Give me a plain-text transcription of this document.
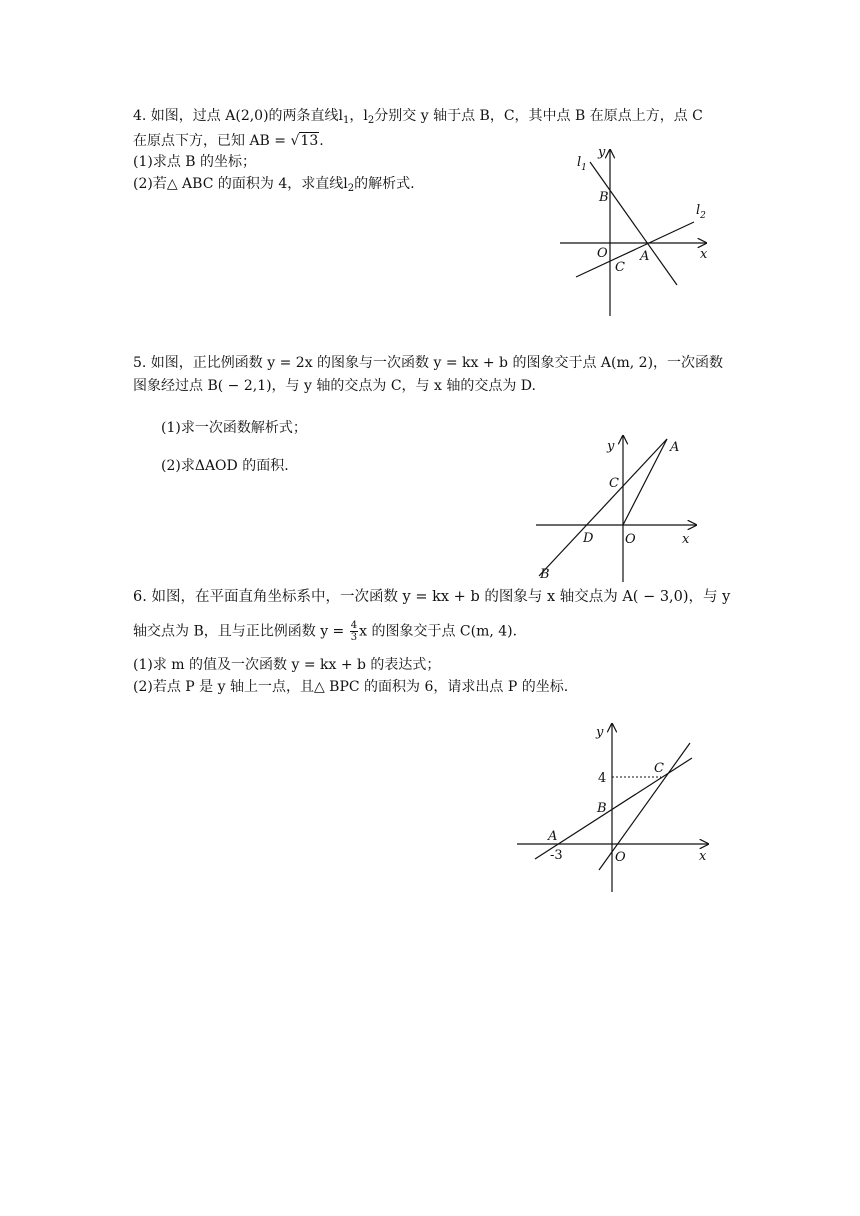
4. 如图，过点 A(2,0)的两条直线$l_1$，$l_2$分别交 y 轴于点 B，C，其中点 B 在原点上方，点 C
在原点下方，已知 AB = √13.
(1)求点 B 的坐标；
(2)若△ ABC 的面积为 4，求直线$l_2$的解析式.
y
x
$l_1$
$l_2$
B
O
C
A
5. 如图，正比例函数 y = 2x 的图象与一次函数 y = kx + b 的图象交于点 A(m, 2)，一次函数
图象经过点 B( − 2,1)，与 y 轴的交点为 C，与 x 轴的交点为 D.
(1)求一次函数解析式；
(2)求ΔAOD 的面积.
y
x
A
C
D O
B
6. 如图，在平面直角坐标系中，一次函数 y = kx + b 的图象与 x 轴交点为 A( − 3,0)，与 y
轴交点为 B，且与正比例函数 $y = \frac{4}{3}$ x 的图象交于点 C(m, 4).
(1)求 m 的值及一次函数 y = kx + b 的表达式；
(2)若点 P 是 y 轴上一点，且△ BPC 的面积为 6，请求出点 P 的坐标.
y
x
4
C
B
A
-3	O
